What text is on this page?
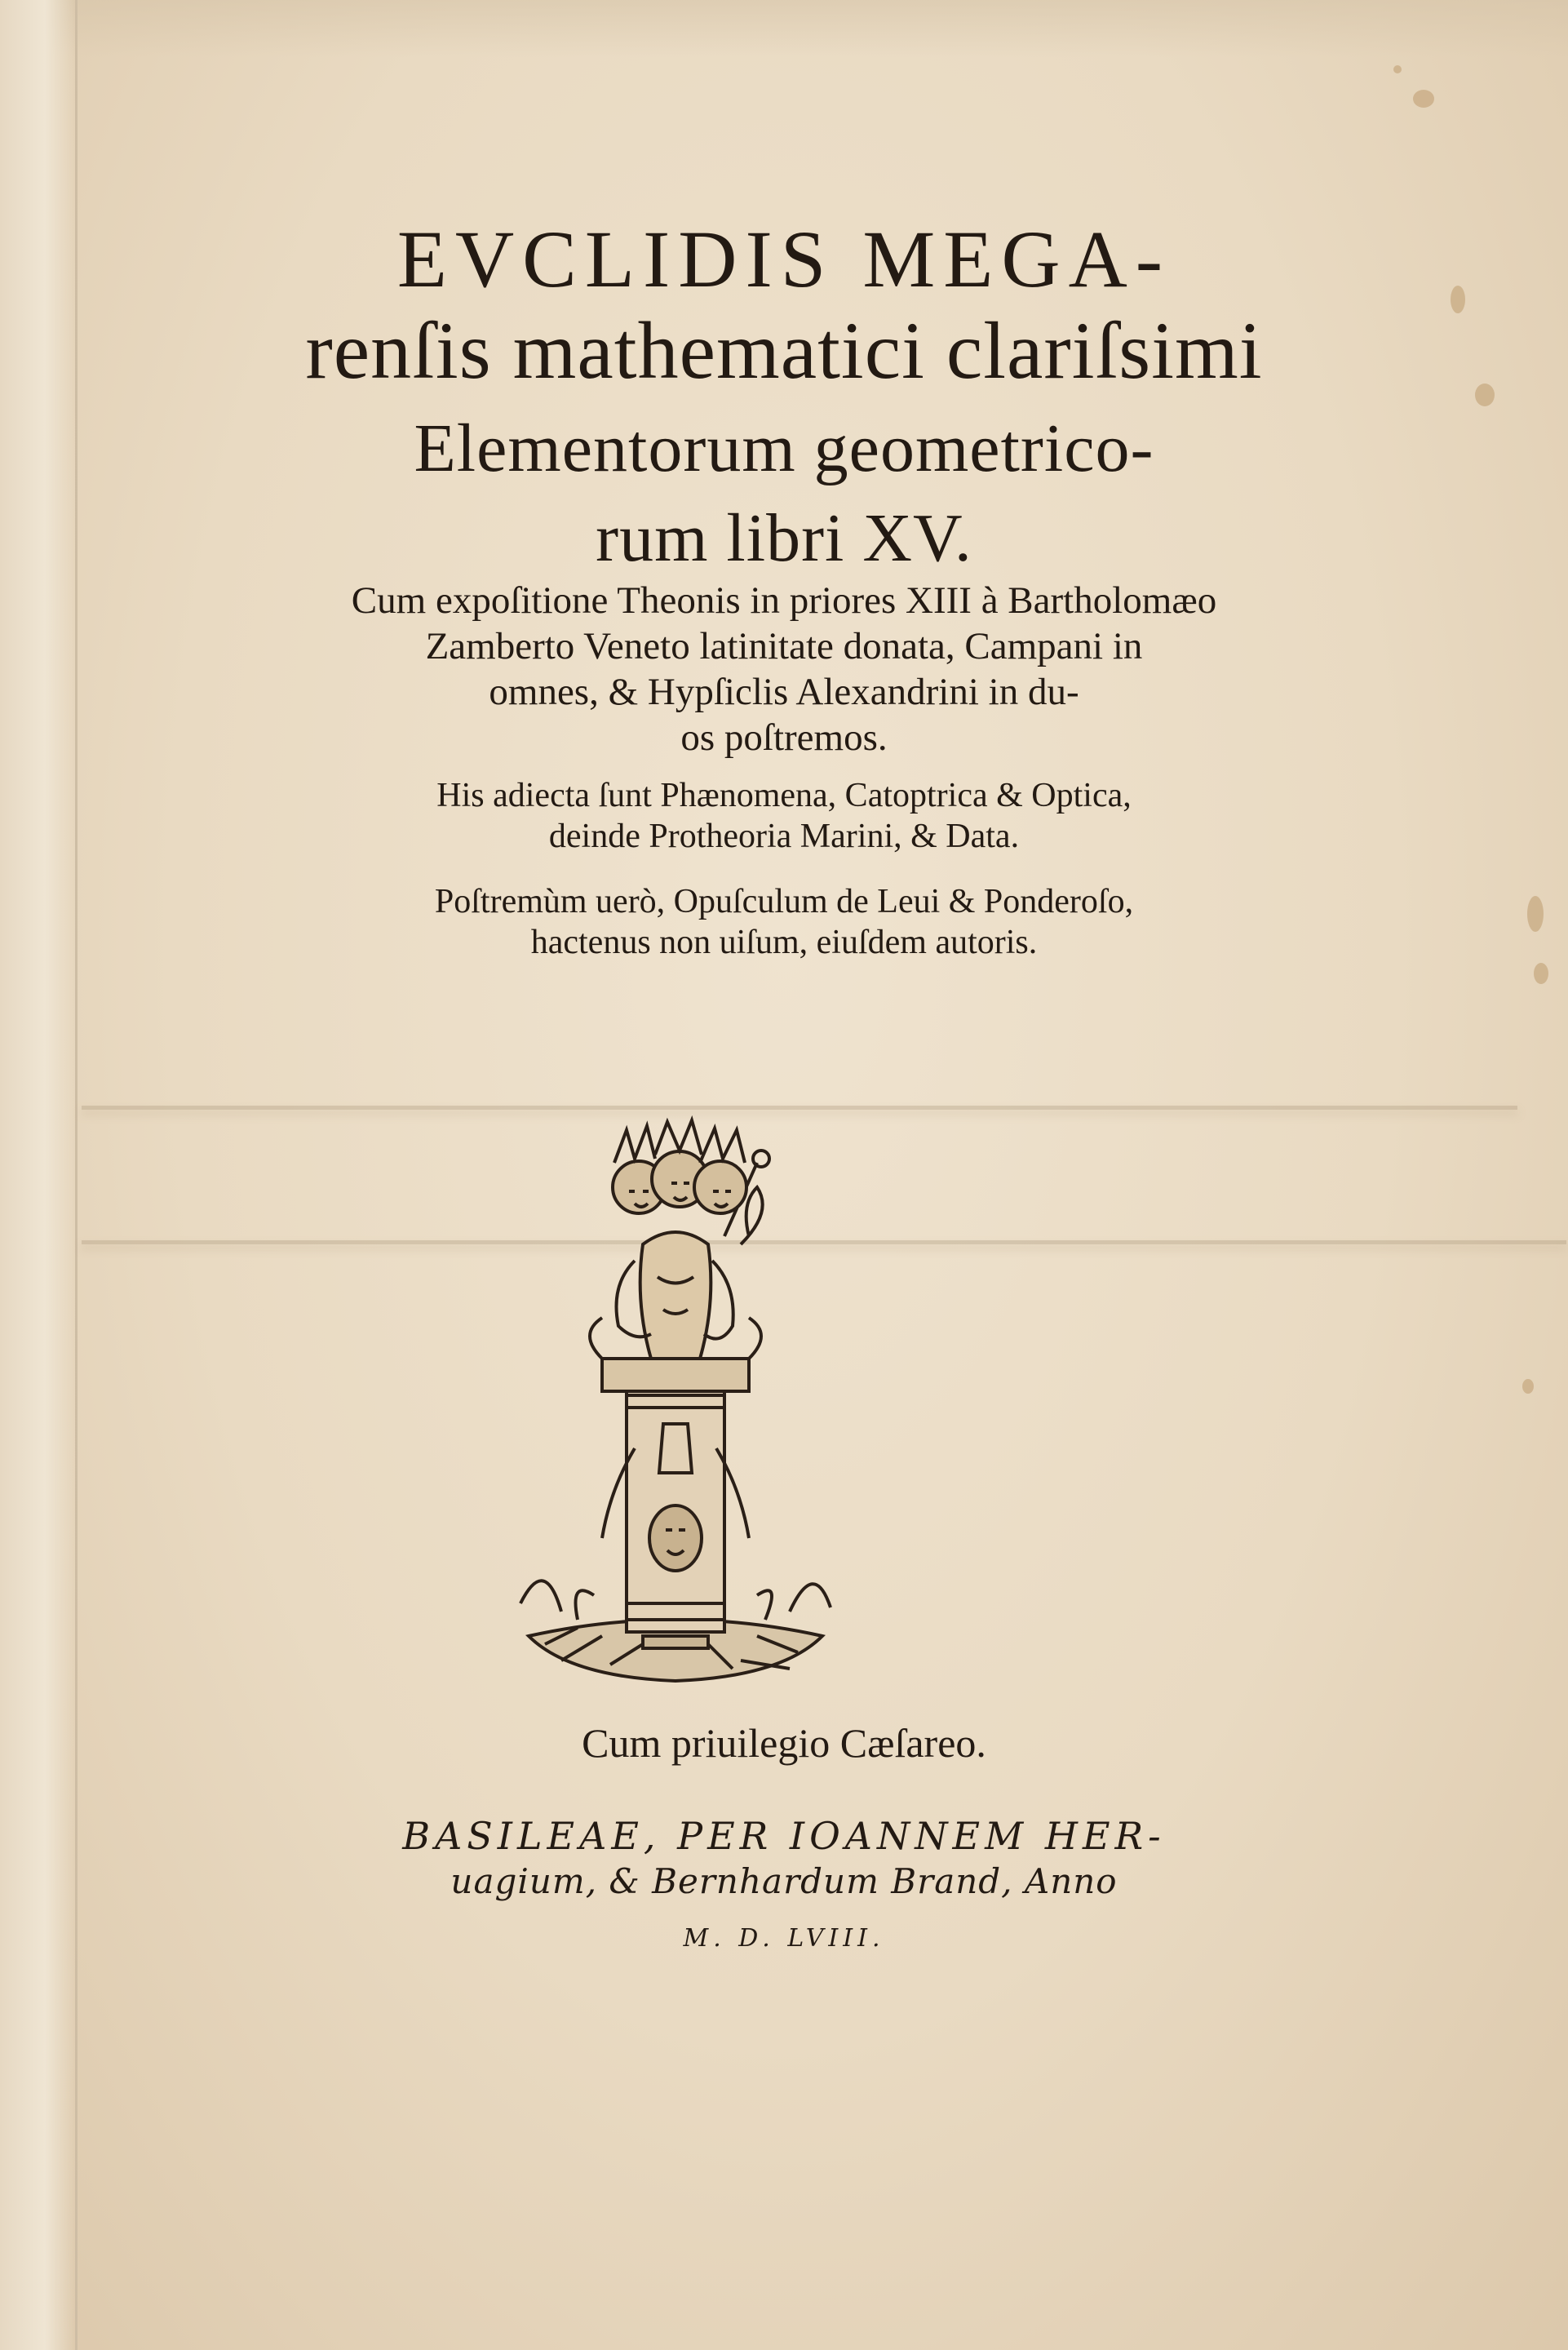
EVCLIDIS MEGA-
renſis mathematici clariſsimi
Elementorum geometrico-
rum libri XV.
Cum expoſitione Theonis in priores XIII à Bartholomæo
Zamberto Veneto latinitate donata, Campani in
omnes, & Hypſiclis Alexandrini in du-
os poſtremos.
His adiecta ſunt Phænomena, Catoptrica & Optica,
deinde Protheoria Marini, & Data.
Poſtremùm uerò, Opuſculum de Leui & Ponderoſo,
hactenus non uiſum, eiuſdem autoris.
Cum priuilegio Cæſareo.
BASILEAE, PER IOANNEM HER-
uagium, & Bernhardum Brand, Anno
M. D. LVIII.
